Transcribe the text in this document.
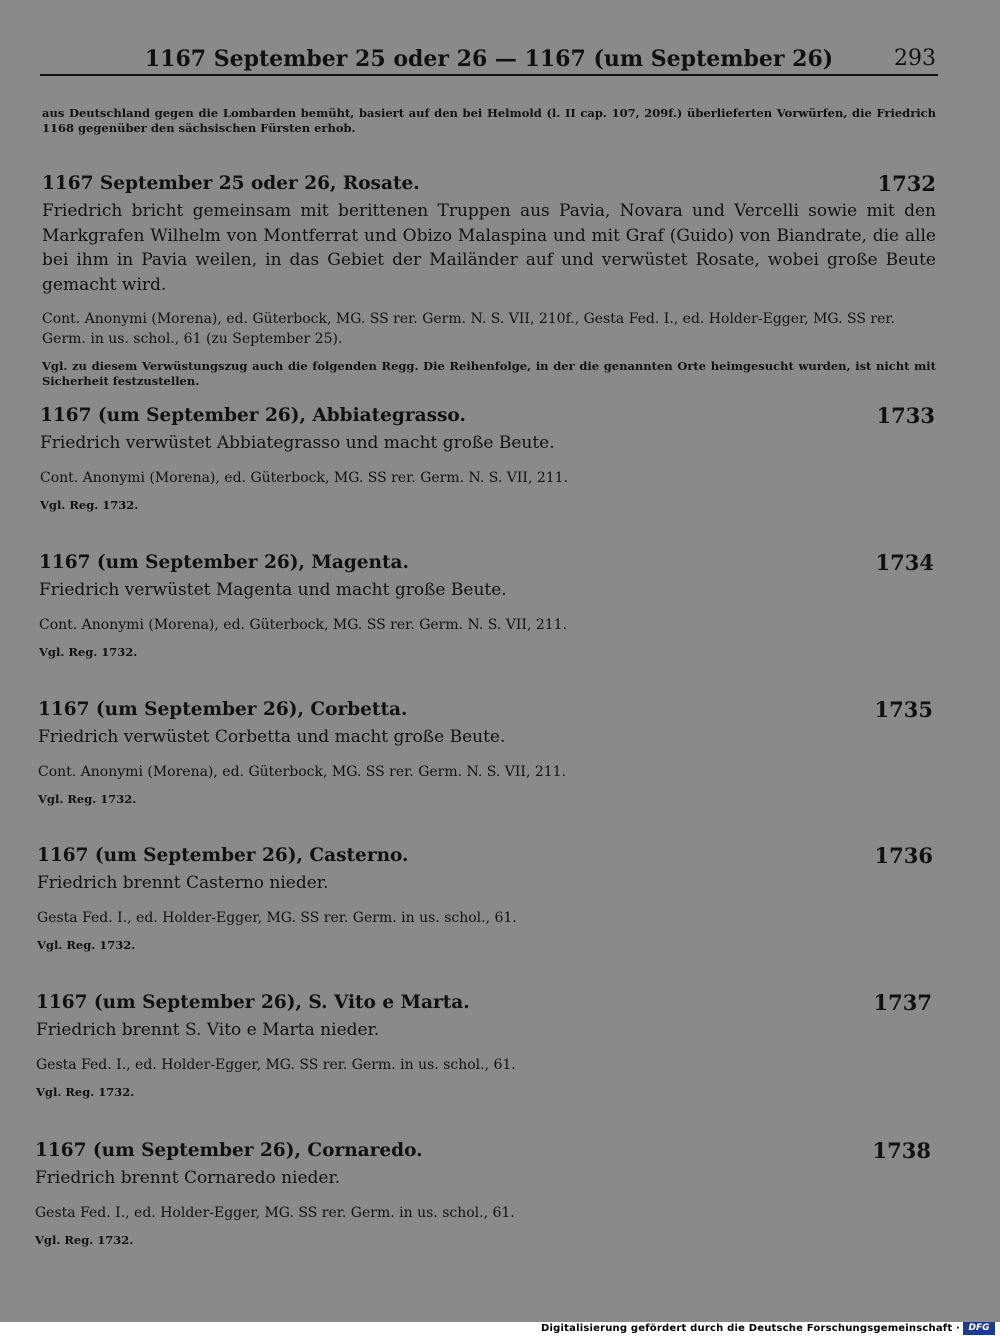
1167 September 25 oder 26 — 1167 (um September 26)	293
aus Deutschland gegen die Lombarden bemüht, basiert auf den bei Helmold (l. II cap. 107, 209f.) überlieferten Vorwürfen, die Friedrich 1168 gegenüber den sächsischen Fürsten erhob.
1167 September 25 oder 26, Rosate.	1732
Friedrich bricht gemeinsam mit berittenen Truppen aus Pavia, Novara und Vercelli sowie mit den Markgrafen Wilhelm von Montferrat und Obizo Malaspina und mit Graf (Guido) von Biandrate, die alle bei ihm in Pavia weilen, in das Gebiet der Mailänder auf und verwüstet Rosate, wobei große Beute gemacht wird.
Cont. Anonymi (Morena), ed. Güterbock, MG. SS rer. Germ. N. S. VII, 210f., Gesta Fed. I., ed. Holder-Egger, MG. SS rer. Germ. in us. schol., 61 (zu September 25).
Vgl. zu diesem Verwüstungszug auch die folgenden Regg. Die Reihenfolge, in der die genannten Orte heimgesucht wurden, ist nicht mit Sicherheit festzustellen.
1167 (um September 26), Abbiategrasso.	1733
Friedrich verwüstet Abbiategrasso und macht große Beute.
Cont. Anonymi (Morena), ed. Güterbock, MG. SS rer. Germ. N. S. VII, 211.
Vgl. Reg. 1732.
1167 (um September 26), Magenta.	1734
Friedrich verwüstet Magenta und macht große Beute.
Cont. Anonymi (Morena), ed. Güterbock, MG. SS rer. Germ. N. S. VII, 211.
Vgl. Reg. 1732.
1167 (um September 26), Corbetta.	1735
Friedrich verwüstet Corbetta und macht große Beute.
Cont. Anonymi (Morena), ed. Güterbock, MG. SS rer. Germ. N. S. VII, 211.
Vgl. Reg. 1732.
1167 (um September 26), Casterno.	1736
Friedrich brennt Casterno nieder.
Gesta Fed. I., ed. Holder-Egger, MG. SS rer. Germ. in us. schol., 61.
Vgl. Reg. 1732.
1167 (um September 26), S. Vito e Marta.	1737
Friedrich brennt S. Vito e Marta nieder.
Gesta Fed. I., ed. Holder-Egger, MG. SS rer. Germ. in us. schol., 61.
Vgl. Reg. 1732.
1167 (um September 26), Cornaredo.	1738
Friedrich brennt Cornaredo nieder.
Gesta Fed. I., ed. Holder-Egger, MG. SS rer. Germ. in us. schol., 61.
Vgl. Reg. 1732.
Digitalisierung gefördert durch die Deutsche Forschungsgemeinschaft · DFG
